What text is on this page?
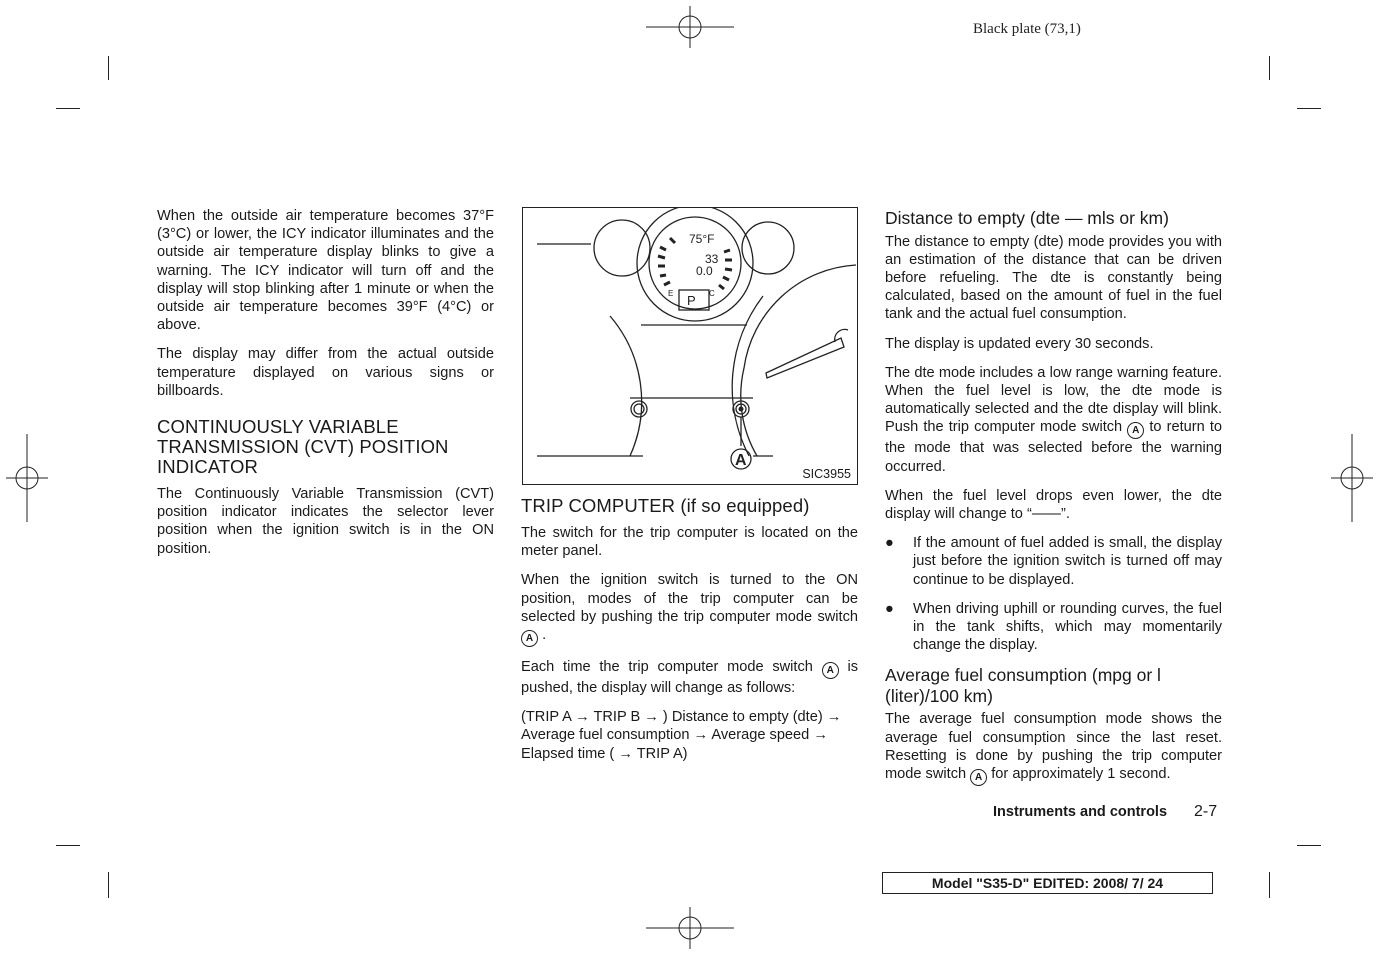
Black plate (73,1)

When the outside air temperature becomes 37°F (3°C) or lower, the ICY indicator illuminates and the outside air temperature display blinks to give a warning. The ICY indicator will turn off and the display will stop blinking after 1 minute or when the outside air temperature becomes 39°F (4°C) or above.

The display may differ from the actual outside temperature displayed on various signs or billboards.

CONTINUOUSLY VARIABLE TRANSMISSION (CVT) POSITION INDICATOR

The Continuously Variable Transmission (CVT) position indicator indicates the selector lever position when the ignition switch is in the ON position.

75°F
33
0.0
P
E	C
A
SIC3955
TRIP COMPUTER (if so equipped)

The switch for the trip computer is located on the meter panel.

When the ignition switch is turned to the ON position, modes of the trip computer can be selected by pushing the trip computer mode switch A .

Each time the trip computer mode switch A is pushed, the display will change as follows:

(TRIP A → TRIP B → ) Distance to empty (dte) → Average fuel consumption → Average speed → Elapsed time ( → TRIP A)

Distance to empty (dte — mls or km)

The distance to empty (dte) mode provides you with an estimation of the distance that can be driven before refueling. The dte is constantly being calculated, based on the amount of fuel in the fuel tank and the actual fuel consumption.

The display is updated every 30 seconds.

The dte mode includes a low range warning feature. When the fuel level is low, the dte mode is automatically selected and the dte display will blink. Push the trip computer mode switch A to return to the mode that was selected before the warning occurred.

When the fuel level drops even lower, the dte display will change to “——”.

●	If the amount of fuel added is small, the display just before the ignition switch is turned off may continue to be displayed.
●	When driving uphill or rounding curves, the fuel in the tank shifts, which may momentarily change the display.
Average fuel consumption (mpg or l (liter)/100 km)

The average fuel consumption mode shows the average fuel consumption since the last reset. Resetting is done by pushing the trip computer mode switch A for approximately 1 second.

Instruments and controls 2-7
Model "S35-D" EDITED: 2008/ 7/ 24
